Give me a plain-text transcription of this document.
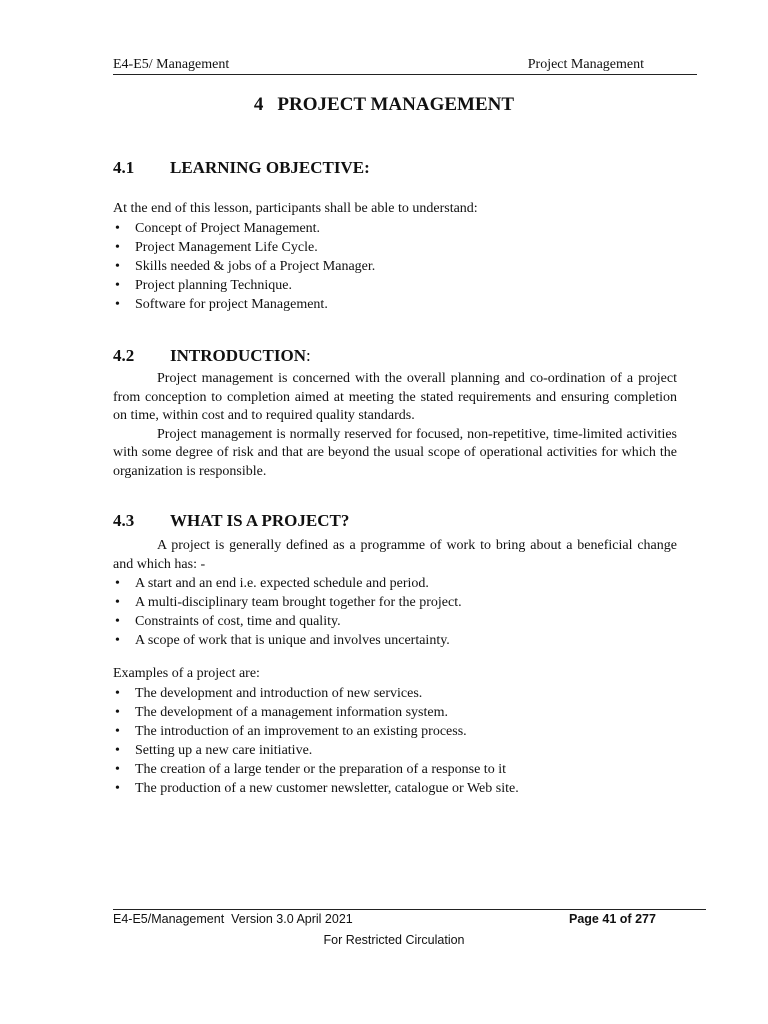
E4-E5/ Management	Project Management
4 PROJECT MANAGEMENT
4.1 LEARNING OBJECTIVE:

At the end of this lesson, participants shall be able to understand:

• Concept of Project Management.
• Project Management Life Cycle.
• Skills needed & jobs of a Project Manager.
• Project planning Technique.
• Software for project Management.
4.2 INTRODUCTION:

Project management is concerned with the overall planning and co-ordination of a project from conception to completion aimed at meeting the stated requirements and ensuring completion on time, within cost and to required quality standards.

Project management is normally reserved for focused, non-repetitive, time-limited activities with some degree of risk and that are beyond the usual scope of operational activities for which the organization is responsible.

4.3 WHAT IS A PROJECT?

A project is generally defined as a programme of work to bring about a beneficial change and which has: -

• A start and an end i.e. expected schedule and period.
• A multi-disciplinary team brought together for the project.
• Constraints of cost, time and quality.
• A scope of work that is unique and involves uncertainty.

Examples of a project are:

• The development and introduction of new services.
• The development of a management information system.
• The introduction of an improvement to an existing process.
• Setting up a new care initiative.
• The creation of a large tender or the preparation of a response to it
• The production of a new customer newsletter, catalogue or Web site.
E4-E5/Management  Version 3.0 April 2021	Page 41 of 277
For Restricted Circulation
